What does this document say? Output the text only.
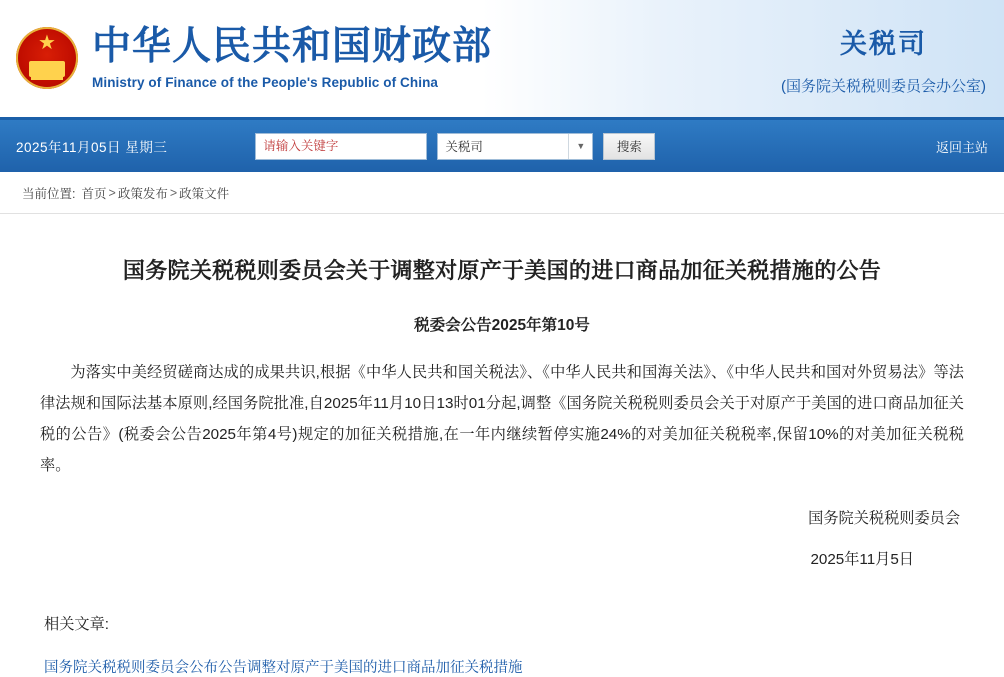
★
中华人民共和国财政部
Ministry of Finance of the People's Republic of China
关税司
(国务院关税税则委员会办公室)
2025年11月05日 星期三
请输入关键字	关税司	▼	搜索	返回主站
当前位置: 首页 > 政策发布 > 政策文件
国务院关税税则委员会关于调整对原产于美国的进口商品加征关税措施的公告
税委会公告2025年第10号
为落实中美经贸磋商达成的成果共识,根据《中华人民共和国关税法》、《中华人民共和国海关法》、《中华人民共和国对外贸易法》等法律法规和国际法基本原则,经国务院批准,自2025年11月10日13时01分起,调整《国务院关税税则委员会关于对原产于美国的进口商品加征关税的公告》(税委会公告2025年第4号)规定的加征关税措施,在一年内继续暂停实施24%的对美加征关税税率,保留10%的对美加征关税税率。
国务院关税税则委员会
2025年11月5日
相关文章:
国务院关税税则委员会公布公告调整对原产于美国的进口商品加征关税措施
